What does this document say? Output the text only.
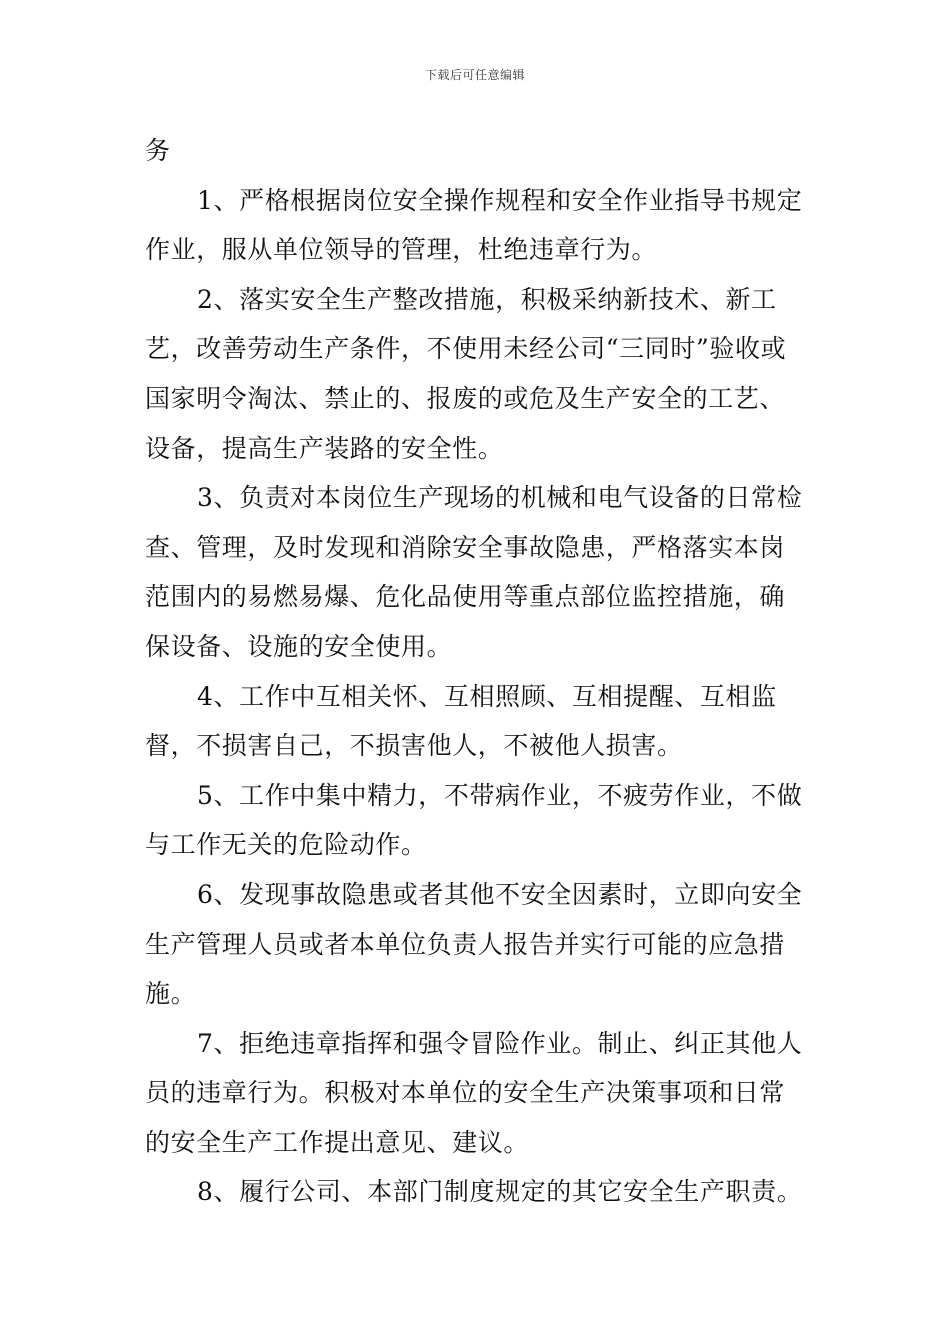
下载后可任意编辑

务

1、严格根据岗位安全操作规程和安全作业指导书规定作业，服从单位领导的管理，杜绝违章行为。

2、落实安全生产整改措施，积极采纳新技术、新工艺，改善劳动生产条件，不使用未经公司“三同时”验收或国家明令淘汰、禁止的、报废的或危及生产安全的工艺、设备，提高生产装路的安全性。

3、负责对本岗位生产现场的机械和电气设备的日常检查、管理，及时发现和消除安全事故隐患，严格落实本岗范围内的易燃易爆、危化品使用等重点部位监控措施，确保设备、设施的安全使用。

4、工作中互相关怀、互相照顾、互相提醒、互相监督，不损害自己，不损害他人，不被他人损害。

5、工作中集中精力，不带病作业，不疲劳作业，不做与工作无关的危险动作。

6、发现事故隐患或者其他不安全因素时，立即向安全生产管理人员或者本单位负责人报告并实行可能的应急措施。

7、拒绝违章指挥和强令冒险作业。制止、纠正其他人员的违章行为。积极对本单位的安全生产决策事项和日常的安全生产工作提出意见、建议。

8、履行公司、本部门制度规定的其它安全生产职责。
